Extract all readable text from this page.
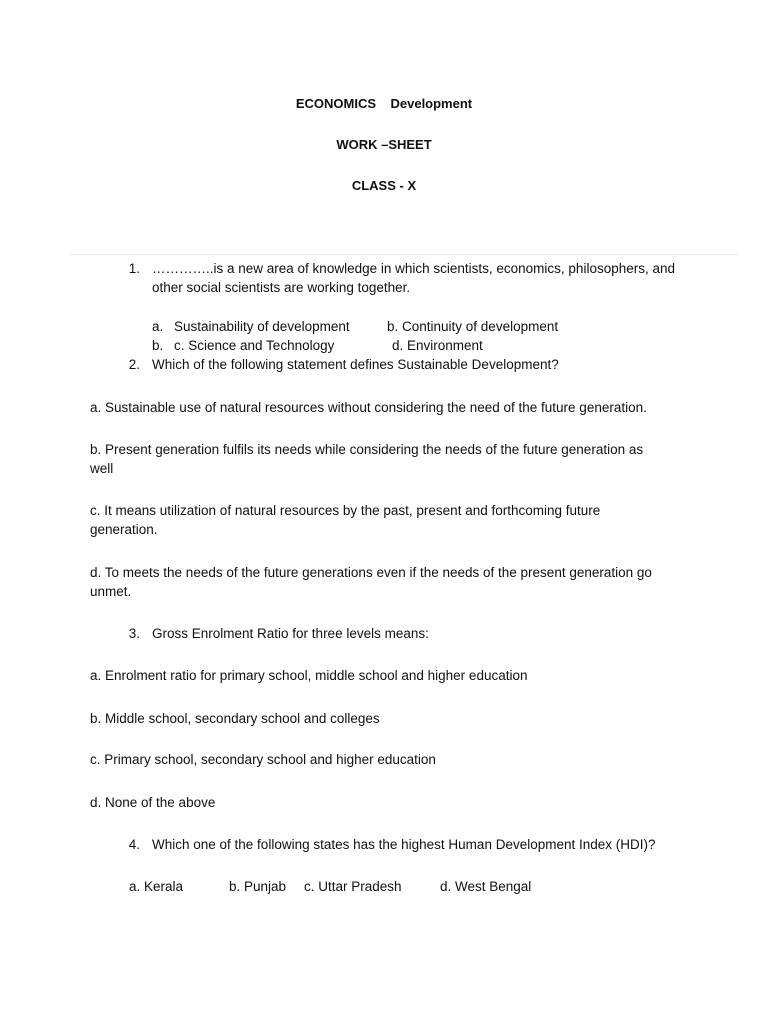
ECONOMICS Development
WORK –SHEET
CLASS - X
1. …………..is a new area of knowledge in which scientists, economics, philosophers, and
other social scientists are working together.
a. Sustainability of development	b. Continuity of development
b. c. Science and Technology	d. Environment
2. Which of the following statement defines Sustainable Development?
a. Sustainable use of natural resources without considering the need of the future generation.
b. Present generation fulfils its needs while considering the needs of the future generation as
well
c. It means utilization of natural resources by the past, present and forthcoming future
generation.
d. To meets the needs of the future generations even if the needs of the present generation go
unmet.
3. Gross Enrolment Ratio for three levels means:
a. Enrolment ratio for primary school, middle school and higher education
b. Middle school, secondary school and colleges
c. Primary school, secondary school and higher education
d. None of the above
4. Which one of the following states has the highest Human Development Index (HDI)?
a. Kerala	b. Punjab c. Uttar Pradesh	d. West Bengal
